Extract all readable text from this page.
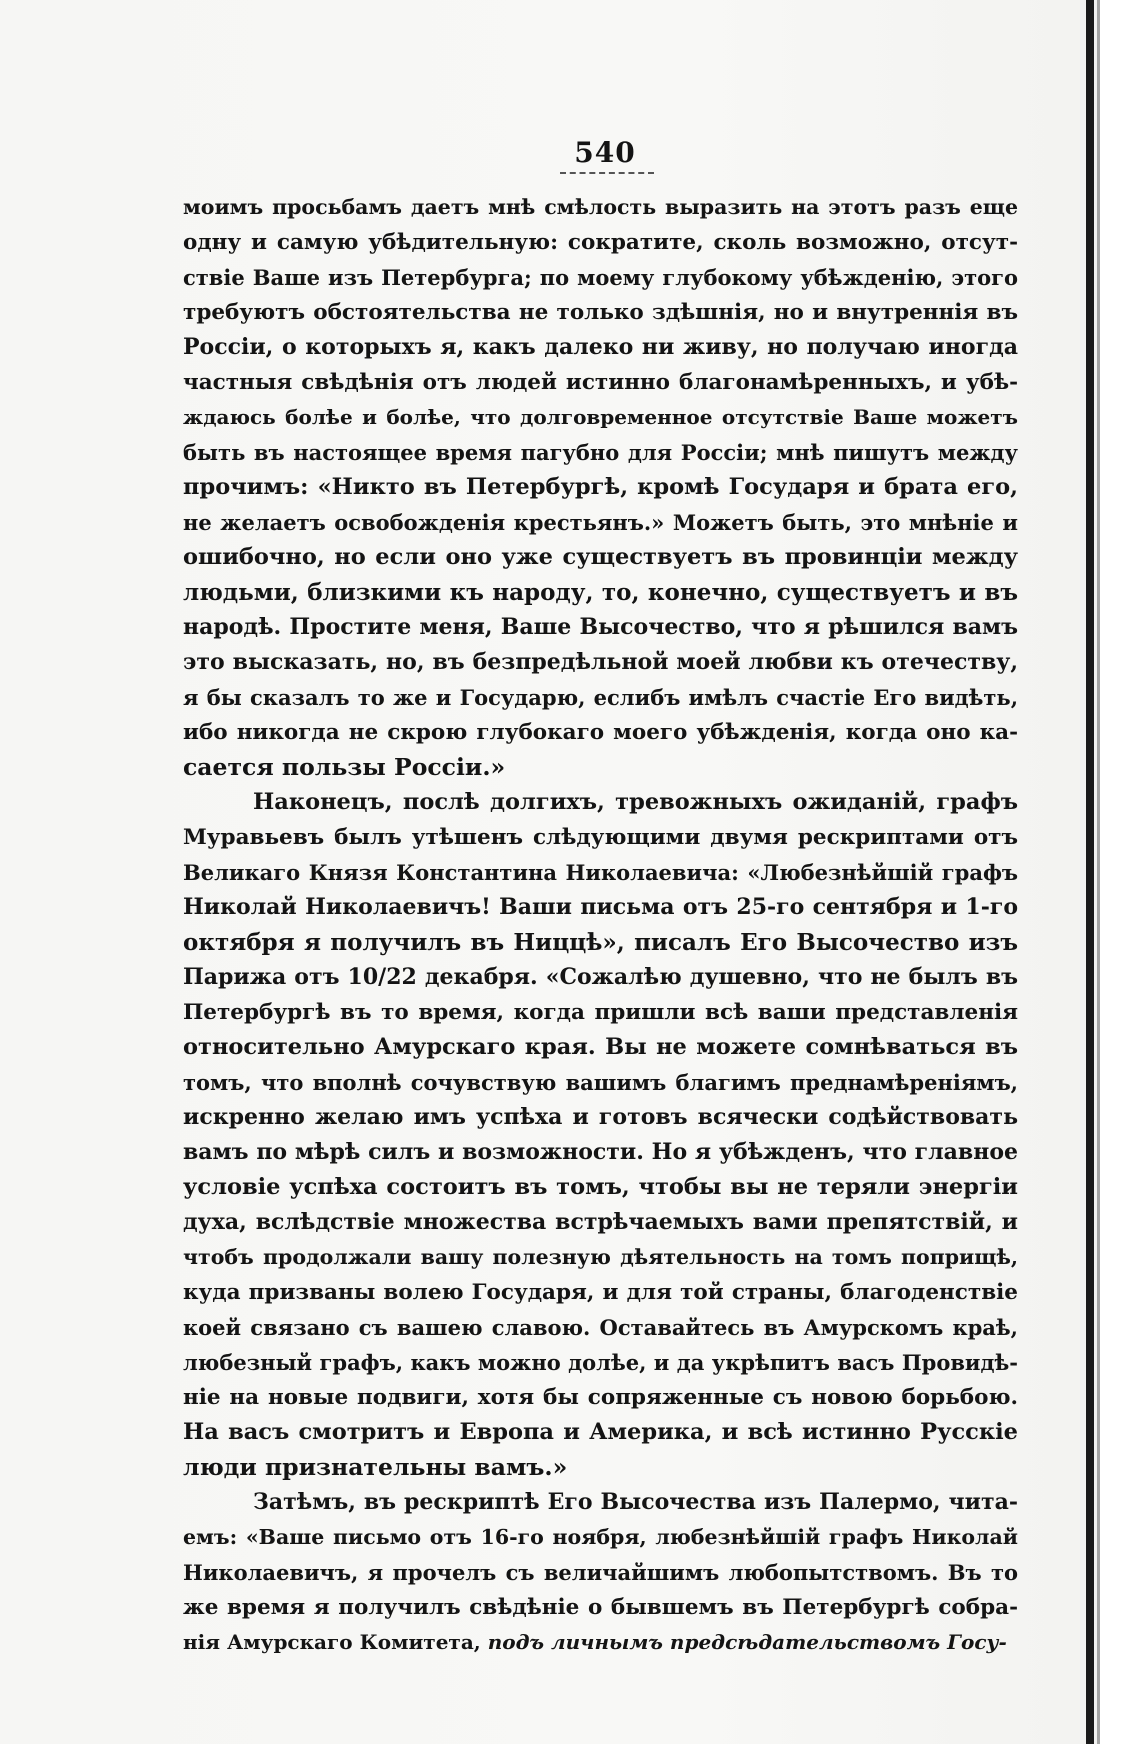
540
моимъ просьбамъ даетъ мнѣ смѣлость выразить на этотъ разъ еще
одну и самую убѣдительную: сократите, сколь возможно, отсут-
ствіе Ваше изъ Петербурга; по моему глубокому убѣжденію, этого
требуютъ обстоятельства не только здѣшнія, но и внутреннія въ
Россіи, о которыхъ я, какъ далеко ни живу, но получаю иногда
частныя свѣдѣнія отъ людей истинно благонамѣренныхъ, и убѣ-
ждаюсь болѣе и болѣе, что долговременное отсутствіе Ваше можетъ
быть въ настоящее время пагубно для Россіи; мнѣ пишутъ между
прочимъ: «Никто въ Петербургѣ, кромѣ Государя и брата его,
не желаетъ освобожденія крестьянъ.» Можетъ быть, это мнѣніе и
ошибочно, но если оно уже существуетъ въ провинціи между
людьми, близкими къ народу, то, конечно, существуетъ и въ
народѣ. Простите меня, Ваше Высочество, что я рѣшился вамъ
это высказать, но, въ безпредѣльной моей любви къ отечеству,
я бы сказалъ то же и Государю, еслибъ имѣлъ счастіе Его видѣть,
ибо никогда не скрою глубокаго моего убѣжденія, когда оно ка-
сается пользы Россіи.»
Наконецъ, послѣ долгихъ, тревожныхъ ожиданій, графъ
Муравьевъ былъ утѣшенъ слѣдующими двумя рескриптами отъ
Великаго Князя Константина Николаевича: «Любезнѣйшій графъ
Николай Николаевичъ! Ваши письма отъ 25-го сентября и 1-го
октября я получилъ въ Ниццѣ», писалъ Его Высочество изъ
Парижа отъ 10/22 декабря. «Сожалѣю душевно, что не былъ въ
Петербургѣ въ то время, когда пришли всѣ ваши представленія
относительно Амурскаго края. Вы не можете сомнѣваться въ
томъ, что вполнѣ сочувствую вашимъ благимъ преднамѣреніямъ,
искренно желаю имъ успѣха и готовъ всячески содѣйствовать
вамъ по мѣрѣ силъ и возможности. Но я убѣжденъ, что главное
условіе успѣха состоитъ въ томъ, чтобы вы не теряли энергіи
духа, вслѣдствіе множества встрѣчаемыхъ вами препятствій, и
чтобъ продолжали вашу полезную дѣятельность на томъ поприщѣ,
куда призваны волею Государя, и для той страны, благоденствіе
коей связано съ вашею славою. Оставайтесь въ Амурскомъ краѣ,
любезный графъ, какъ можно долѣе, и да укрѣпитъ васъ Провидѣ-
ніе на новые подвиги, хотя бы сопряженные съ новою борьбою.
На васъ смотритъ и Европа и Америка, и всѣ истинно Русскіе
люди признательны вамъ.»
Затѣмъ, въ рескриптѣ Его Высочества изъ Палермо, чита-
емъ: «Ваше письмо отъ 16-го ноября, любезнѣйшій графъ Николай
Николаевичъ, я прочелъ съ величайшимъ любопытствомъ. Въ то
же время я получилъ свѣдѣніе о бывшемъ въ Петербургѣ собра-
нія Амурскаго Комитета, подъ личнымъ предсѣдательствомъ Госу-
